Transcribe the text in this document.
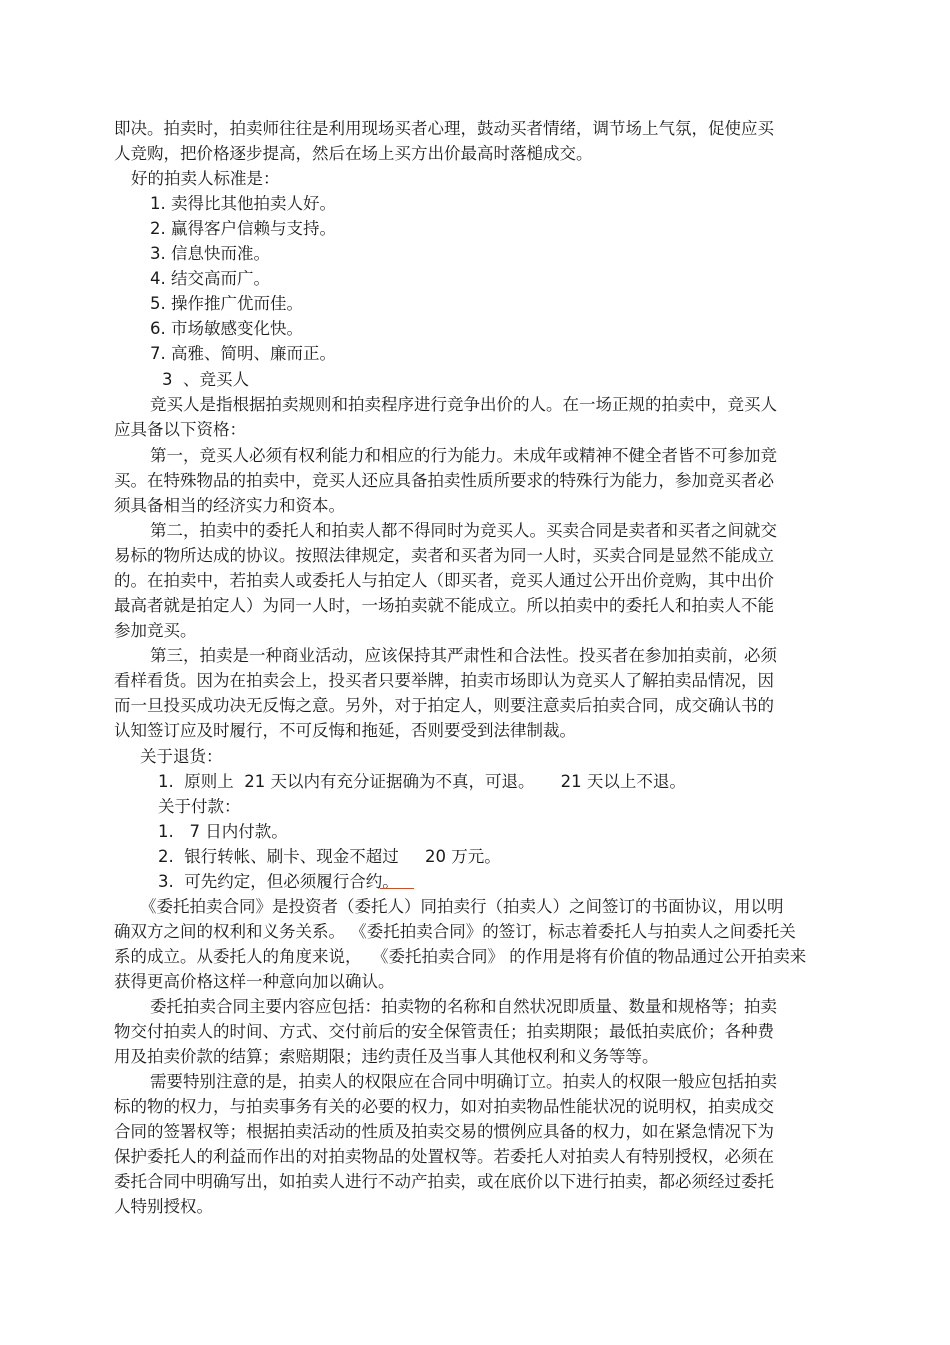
即决。拍卖时，拍卖师往往是利用现场买者心理，鼓动买者情绪，调节场上气氛，促使应买
人竞购，把价格逐步提高，然后在场上买方出价最高时落槌成交。
好的拍卖人标准是：
1. 卖得比其他拍卖人好。
2. 赢得客户信赖与支持。
3. 信息快而准。
4. 结交高而广。
5. 操作推广优而佳。
6. 市场敏感变化快。
7. 高雅、简明、廉而正。
3  、竞买人
竞买人是指根据拍卖规则和拍卖程序进行竞争出价的人。在一场正规的拍卖中，竞买人
应具备以下资格：
第一，竞买人必须有权利能力和相应的行为能力。未成年或精神不健全者皆不可参加竞
买。在特殊物品的拍卖中，竞买人还应具备拍卖性质所要求的特殊行为能力，参加竞买者必
须具备相当的经济实力和资本。
第二，拍卖中的委托人和拍卖人都不得同时为竞买人。买卖合同是卖者和买者之间就交
易标的物所达成的协议。按照法律规定，卖者和买者为同一人时，买卖合同是显然不能成立
的。在拍卖中，若拍卖人或委托人与拍定人（即买者，竞买人通过公开出价竞购，其中出价
最高者就是拍定人）为同一人时，一场拍卖就不能成立。所以拍卖中的委托人和拍卖人不能
参加竞买。
第三，拍卖是一种商业活动，应该保持其严肃性和合法性。投买者在参加拍卖前，必须
看样看货。因为在拍卖会上，投买者只要举牌，拍卖市场即认为竞买人了解拍卖品情况，因
而一旦投买成功决无反悔之意。另外，对于拍定人，则要注意卖后拍卖合同，成交确认书的
认知签订应及时履行，不可反悔和拖延，否则要受到法律制裁。
关于退货：
1.  原则上  21 天以内有充分证据确为不真，可退。     21 天以上不退。
关于付款：
1.   7 日内付款。
2.  银行转帐、刷卡、现金不超过     20 万元。
3.  可先约定，但必须履行合约。
《委托拍卖合同》是投资者（委托人）同拍卖行（拍卖人）之间签订的书面协议，用以明
确双方之间的权利和义务关系。 《委托拍卖合同》的签订，标志着委托人与拍卖人之间委托关
系的成立。从委托人的角度来说，  《委托拍卖合同》 的作用是将有价值的物品通过公开拍卖来
获得更高价格这样一种意向加以确认。
委托拍卖合同主要内容应包括：拍卖物的名称和自然状况即质量、数量和规格等；拍卖
物交付拍卖人的时间、方式、交付前后的安全保管责任；拍卖期限；最低拍卖底价；各种费
用及拍卖价款的结算；索赔期限；违约责任及当事人其他权利和义务等等。
需要特别注意的是，拍卖人的权限应在合同中明确订立。拍卖人的权限一般应包括拍卖
标的物的权力，与拍卖事务有关的必要的权力，如对拍卖物品性能状况的说明权，拍卖成交
合同的签署权等；根据拍卖活动的性质及拍卖交易的惯例应具备的权力，如在紧急情况下为
保护委托人的利益而作出的对拍卖物品的处置权等。若委托人对拍卖人有特别授权，必须在
委托合同中明确写出，如拍卖人进行不动产拍卖，或在底价以下进行拍卖，都必须经过委托
人特别授权。
